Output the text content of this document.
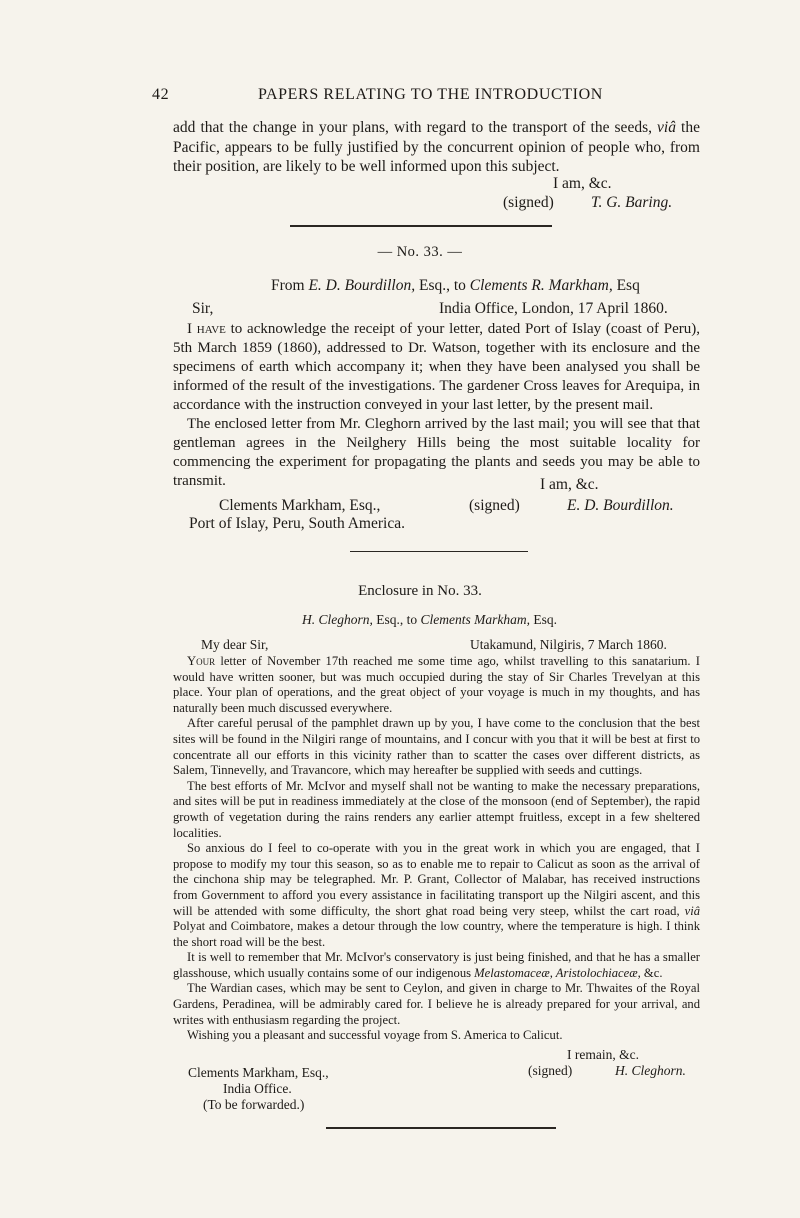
42	PAPERS RELATING TO THE INTRODUCTION

add that the change in your plans, with regard to the transport of the seeds, viâ the Pacific, appears to be fully justified by the concurrent opinion of people who, from their position, are likely to be well informed upon this subject.

I am, &c.
(signed) T. G. Baring.
— No. 33. —
From E. D. Bourdillon, Esq., to Clements R. Markham, Esq
Sir,	India Office, London, 17 April 1860.

I have to acknowledge the receipt of your letter, dated Port of Islay (coast of Peru), 5th March 1859 (1860), addressed to Dr. Watson, together with its enclosure and the specimens of earth which accompany it; when they have been analysed you shall be informed of the result of the investigations. The gardener Cross leaves for Arequipa, in accordance with the instruction conveyed in your last letter, by the present mail.

The enclosed letter from Mr. Cleghorn arrived by the last mail; you will see that that gentleman agrees in the Neilghery Hills being the most suitable locality for commencing the experiment for propagating the plants and seeds you may be able to transmit.	I am, &c.
(signed)	E. D. Bourdillon.
Clements Markham, Esq.,
Port of Islay, Peru, South America.
Enclosure in No. 33.
H. Cleghorn, Esq., to Clements Markham, Esq.
My dear Sir,	Utakamund, Nilgiris, 7 March 1860.

Your letter of November 17th reached me some time ago, whilst travelling to this sanatarium. I would have written sooner, but was much occupied during the stay of Sir Charles Trevelyan at this place. Your plan of operations, and the great object of your voyage is much in my thoughts, and has naturally been much discussed everywhere.

After careful perusal of the pamphlet drawn up by you, I have come to the conclusion that the best sites will be found in the Nilgiri range of mountains, and I concur with you that it will be best at first to concentrate all our efforts in this vicinity rather than to scatter the cases over different districts, as Salem, Tinnevelly, and Travancore, which may hereafter be supplied with seeds and cuttings.

The best efforts of Mr. McIvor and myself shall not be wanting to make the necessary preparations, and sites will be put in readiness immediately at the close of the monsoon (end of September), the rapid growth of vegetation during the rains renders any earlier attempt fruitless, except in a few sheltered localities.

So anxious do I feel to co-operate with you in the great work in which you are engaged, that I propose to modify my tour this season, so as to enable me to repair to Calicut as soon as the arrival of the cinchona ship may be telegraphed. Mr. P. Grant, Collector of Malabar, has received instructions from Government to afford you every assistance in facilitating transport up the Nilgiri ascent, and this will be attended with some difficulty, the short ghat road being very steep, whilst the cart road, viâ Polyat and Coimbatore, makes a detour through the low country, where the temperature is high. I think the short road will be the best.

It is well to remember that Mr. McIvor's conservatory is just being finished, and that he has a smaller glasshouse, which usually contains some of our indigenous Melastomaceæ, Aristolochiaceæ, &c.

The Wardian cases, which may be sent to Ceylon, and given in charge to Mr. Thwaites of the Royal Gardens, Peradinea, will be admirably cared for. I believe he is already prepared for your arrival, and writes with enthusiasm regarding the project.

Wishing you a pleasant and successful voyage from S. America to Calicut.

I remain, &c.
(signed)	H. Cleghorn.
Clements Markham, Esq.,
India Office.
(To be forwarded.)
